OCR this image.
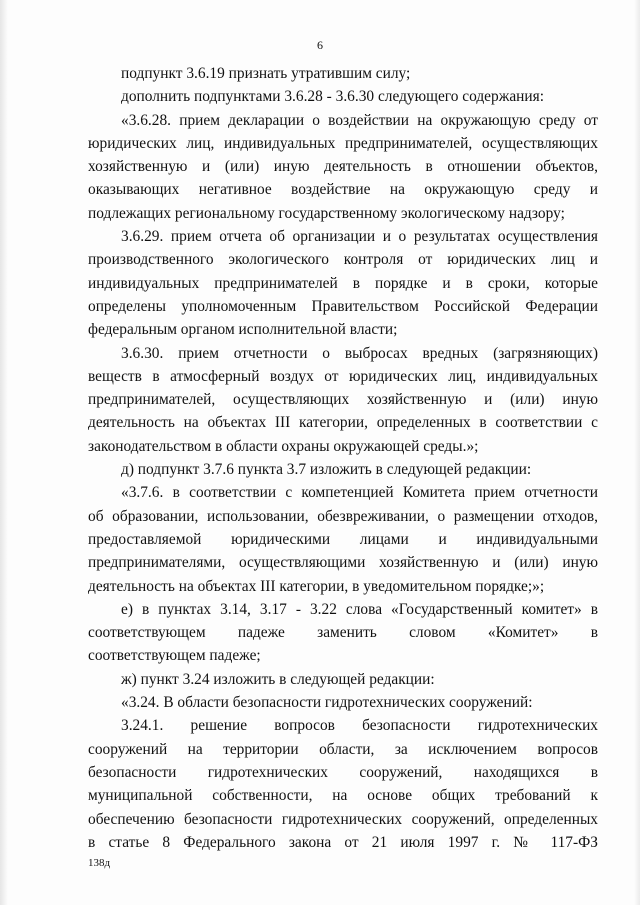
6
подпункт 3.6.19 признать утратившим силу;
дополнить подпунктами 3.6.28 - 3.6.30 следующего содержания:
«3.6.28. прием декларации о воздействии на окружающую среду от
юридических лиц, индивидуальных предпринимателей, осуществляющих
хозяйственную и (или) иную деятельность в отношении объектов,
оказывающих негативное воздействие на окружающую среду и
подлежащих региональному государственному экологическому надзору;
3.6.29. прием отчета об организации и о результатах осуществления
производственного экологического контроля от юридических лиц и
индивидуальных предпринимателей в порядке и в сроки, которые
определены уполномоченным Правительством Российской Федерации
федеральным органом исполнительной власти;
3.6.30. прием отчетности о выбросах вредных (загрязняющих)
веществ в атмосферный воздух от юридических лиц, индивидуальных
предпринимателей, осуществляющих хозяйственную и (или) иную
деятельность на объектах III категории, определенных в соответствии с
законодательством в области охраны окружающей среды.»;
д) подпункт 3.7.6 пункта 3.7 изложить в следующей редакции:
«3.7.6. в соответствии с компетенцией Комитета прием отчетности
об образовании, использовании, обезвреживании, о размещении отходов,
предоставляемой юридическими лицами и индивидуальными
предпринимателями, осуществляющими хозяйственную и (или) иную
деятельность на объектах III категории, в уведомительном порядке;»;
е) в пунктах 3.14, 3.17 - 3.22 слова «Государственный комитет» в
соответствующем падеже заменить словом «Комитет» в
соответствующем падеже;
ж) пункт 3.24 изложить в следующей редакции:
«3.24. В области безопасности гидротехнических сооружений:
3.24.1. решение вопросов безопасности гидротехнических
сооружений на территории области, за исключением вопросов
безопасности гидротехнических сооружений, находящихся в
муниципальной собственности, на основе общих требований к
обеспечению безопасности гидротехнических сооружений, определенных
в статье 8 Федерального закона от 21 июля 1997 г. № 117-ФЗ
138д
